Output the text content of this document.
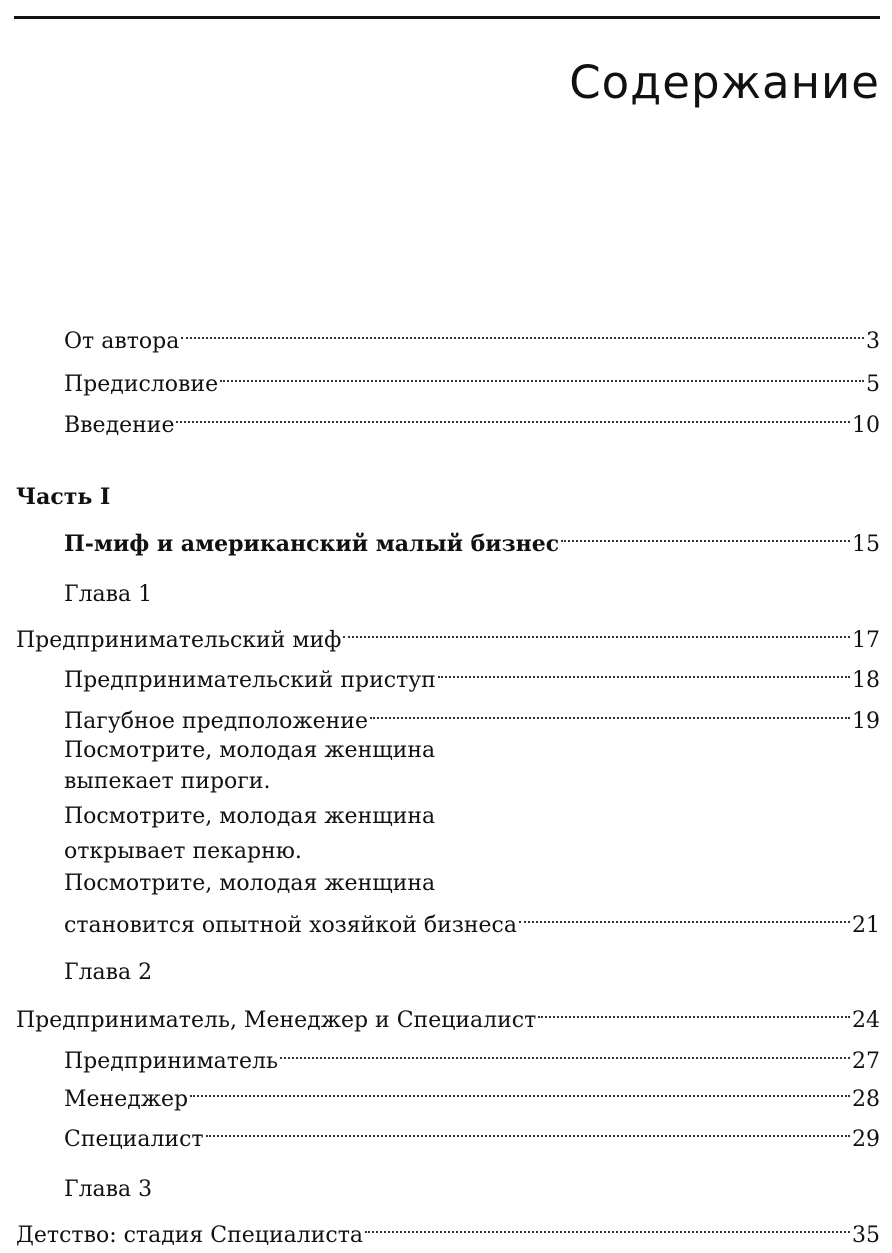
Содержание
От автора	3
Предисловие	5
Введение	10
Часть I
П-миф и американский малый бизнес	15
Глава 1
Предпринимательский миф	17
Предпринимательский приступ	18
Пагубное предположение	19
Посмотрите, молодая женщина
выпекает пироги.
Посмотрите, молодая женщина
открывает пекарню.
Посмотрите, молодая женщина
становится опытной хозяйкой бизнеса	21
Глава 2
Предприниматель, Менеджер и Специалист	24
Предприниматель	27
Менеджер	28
Специалист	29
Глава 3
Детство: стадия Специалиста	35
